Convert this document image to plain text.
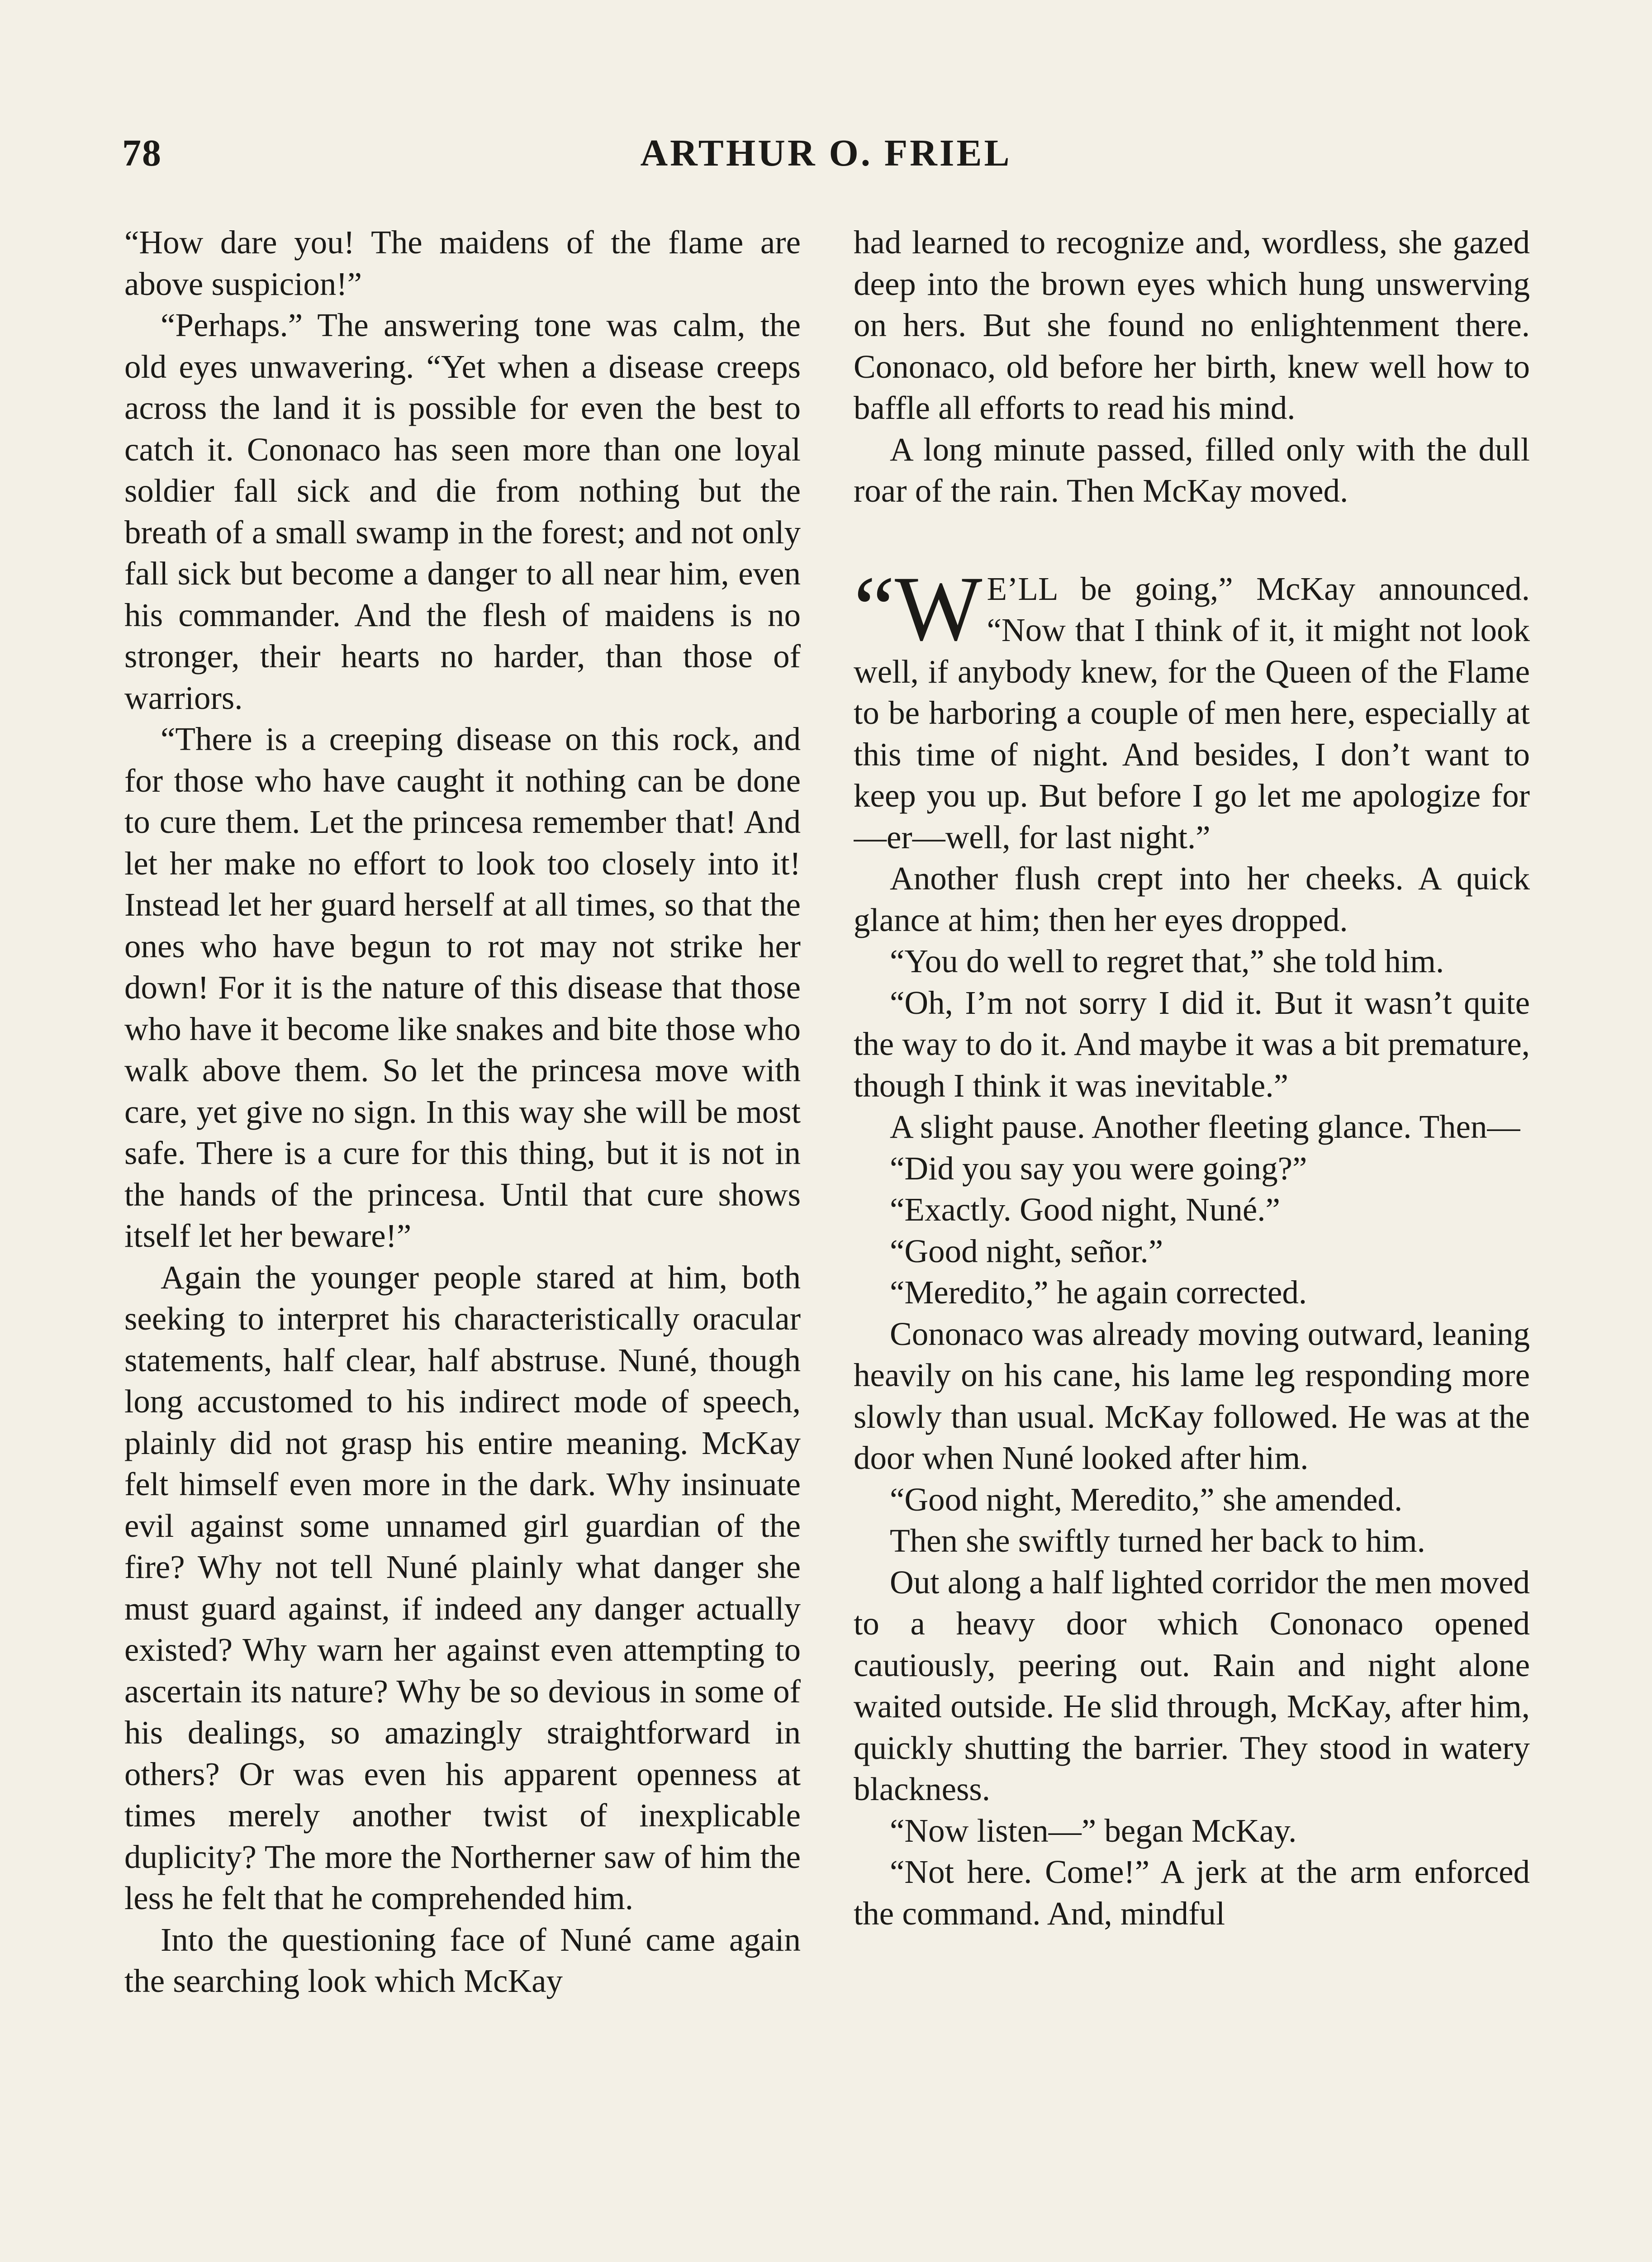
78	ARTHUR O. FRIEL

“How dare you! The maidens of the flame are above suspicion!”

“Perhaps.” The answering tone was calm, the old eyes unwavering. “Yet when a disease creeps across the land it is possible for even the best to catch it. Cononaco has seen more than one loyal soldier fall sick and die from nothing but the breath of a small swamp in the forest; and not only fall sick but become a danger to all near him, even his commander. And the flesh of maidens is no stronger, their hearts no harder, than those of warriors.

“There is a creeping disease on this rock, and for those who have caught it nothing can be done to cure them. Let the princesa remember that! And let her make no effort to look too closely into it! Instead let her guard herself at all times, so that the ones who have begun to rot may not strike her down! For it is the nature of this disease that those who have it become like snakes and bite those who walk above them. So let the princesa move with care, yet give no sign. In this way she will be most safe. There is a cure for this thing, but it is not in the hands of the princesa. Until that cure shows itself let her beware!”

Again the younger people stared at him, both seeking to interpret his characteristically oracular statements, half clear, half abstruse. Nuné, though long accustomed to his indirect mode of speech, plainly did not grasp his entire meaning. McKay felt himself even more in the dark. Why insinuate evil against some unnamed girl guardian of the fire? Why not tell Nuné plainly what danger she must guard against, if indeed any danger actually existed? Why warn her against even attempting to ascertain its nature? Why be so devious in some of his dealings, so amazingly straightforward in others? Or was even his apparent openness at times merely another twist of inexplicable duplicity? The more the Northerner saw of him the less he felt that he comprehended him.

Into the questioning face of Nuné came again the searching look which McKay

had learned to recognize and, wordless, she gazed deep into the brown eyes which hung unswerving on hers. But she found no enlightenment there. Cononaco, old before her birth, knew well how to baffle all efforts to read his mind.

A long minute passed, filled only with the dull roar of the rain. Then McKay moved.

“W E’LL be going,” McKay announced. “Now that I think of it, it might not look well, if anybody knew, for the Queen of the Flame to be harboring a couple of men here, especially at this time of night. And besides, I don’t want to keep you up. But before I go let me apologize for—er—well, for last night.”

Another flush crept into her cheeks. A quick glance at him; then her eyes dropped.

“You do well to regret that,” she told him.

“Oh, I’m not sorry I did it. But it wasn’t quite the way to do it. And maybe it was a bit premature, though I think it was inevitable.”

A slight pause. Another fleeting glance. Then—

“Did you say you were going?”

“Exactly. Good night, Nuné.”

“Good night, señor.”

“Meredito,” he again corrected.

Cononaco was already moving outward, leaning heavily on his cane, his lame leg responding more slowly than usual. McKay followed. He was at the door when Nuné looked after him.

“Good night, Meredito,” she amended.

Then she swiftly turned her back to him.

Out along a half lighted corridor the men moved to a heavy door which Cononaco opened cautiously, peering out. Rain and night alone waited outside. He slid through, McKay, after him, quickly shutting the barrier. They stood in watery blackness.

“Now listen—” began McKay.

“Not here. Come!” A jerk at the arm enforced the command. And, mindful
